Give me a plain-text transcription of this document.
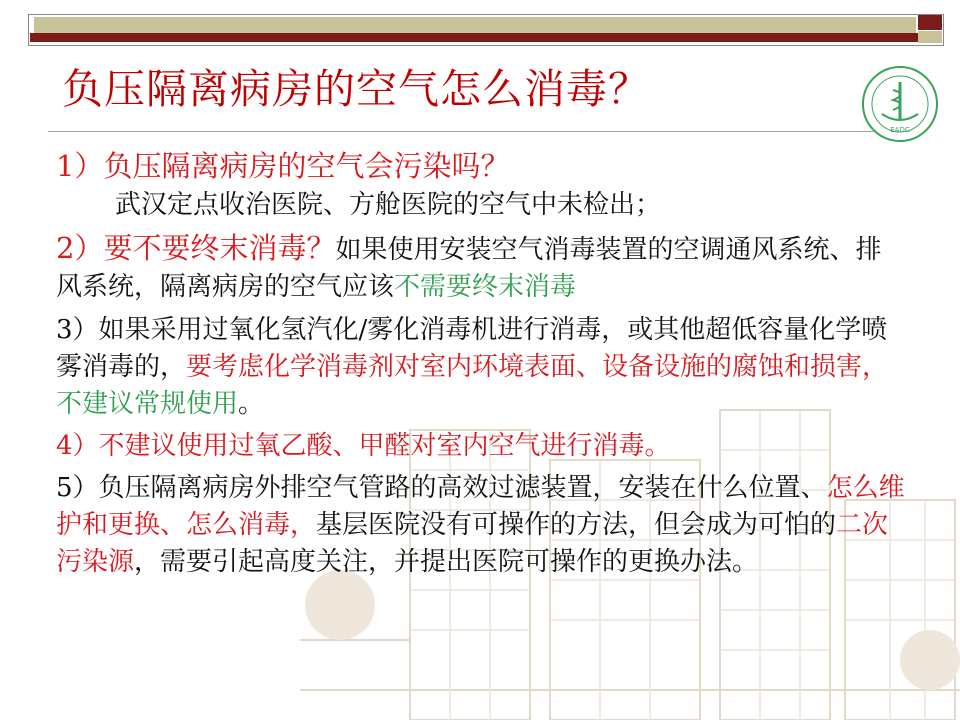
负压隔离病房的空气怎么消毒？
EADC

1）负压隔离病房的空气会污染吗？

武汉定点收治医院、方舱医院的空气中未检出；

2）要不要终末消毒？如果使用安装空气消毒装置的空调通风系统、排风系统，隔离病房的空气应该不需要终末消毒

3）如果采用过氧化氢汽化/雾化消毒机进行消毒，或其他超低容量化学喷雾消毒的，要考虑化学消毒剂对室内环境表面、设备设施的腐蚀和损害，不建议常规使用。

4）不建议使用过氧乙酸、甲醛对室内空气进行消毒。

5）负压隔离病房外排空气管路的高效过滤装置，安装在什么位置、怎么维护和更换、怎么消毒，基层医院没有可操作的方法，但会成为可怕的二次污染源，需要引起高度关注，并提出医院可操作的更换办法。
